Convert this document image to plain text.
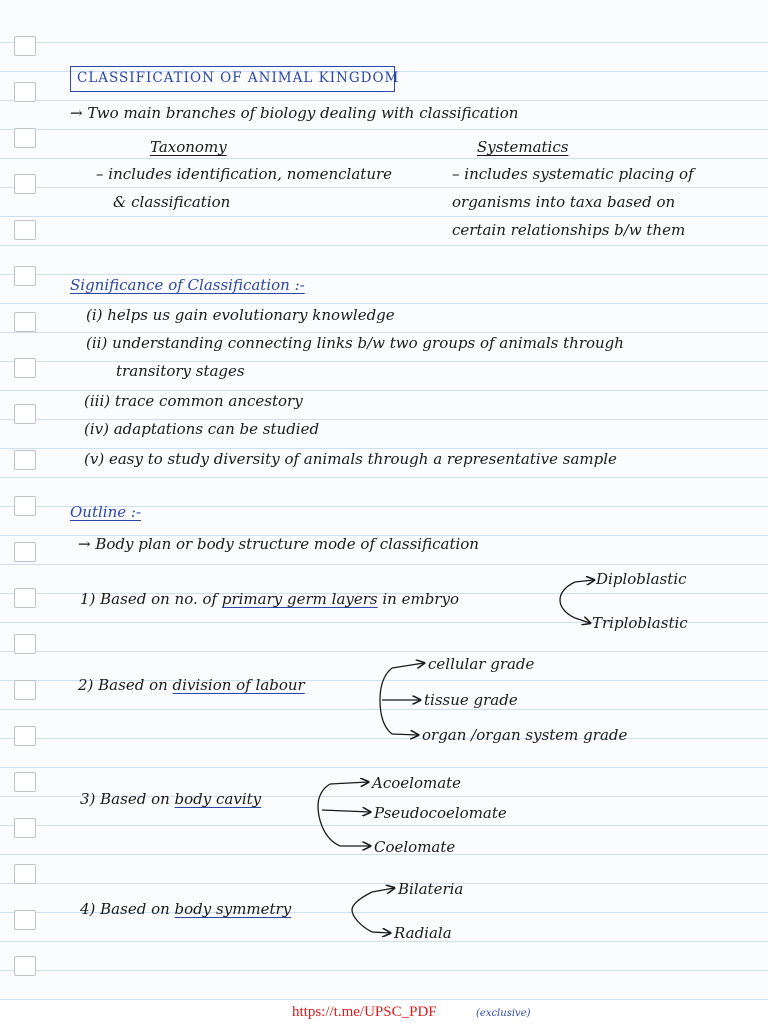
CLASSIFICATION OF ANIMAL KINGDOM
→ Two main branches of biology dealing with classification
Taxonomy
– includes identification, nomenclature
& classification
Systematics
– includes systematic placing of
organisms into taxa based on
certain relationships b/w them
Significance of Classification :-
(i) helps us gain evolutionary knowledge
(ii) understanding connecting links b/w two groups of animals through
transitory stages
(iii) trace common ancestory
(iv) adaptations can be studied
(v) easy to study diversity of animals through a representative sample
Outline :-
→ Body plan or body structure mode of classification
1) Based on no. of primary germ layers in embryo
Diploblastic
Triploblastic
2) Based on division of labour
cellular grade
tissue grade
organ /organ system grade
3) Based on body cavity
Acoelomate
Pseudocoelomate
Coelomate
4) Based on body symmetry
Bilateria
Radiala
https://t.me/UPSC_PDF	(exclusive)
